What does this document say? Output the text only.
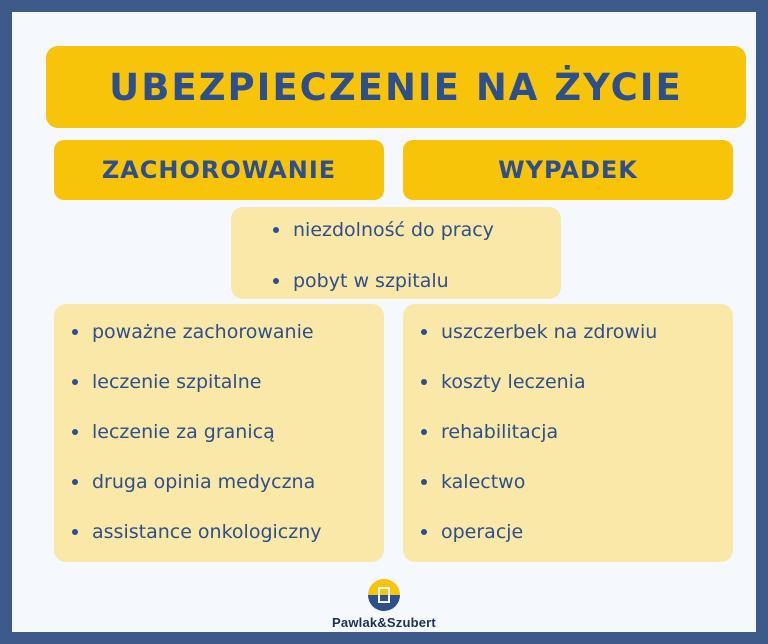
UBEZPIECZENIE NA ŻYCIE
ZACHOROWANIE	WYPADEK
niezdolność do pracy
pobyt w szpitalu
poważne zachorowanie
leczenie szpitalne
leczenie za granicą
druga opinia medyczna
assistance onkologiczny
uszczerbek na zdrowiu
koszty leczenia
rehabilitacja
kalectwo
operacje
Pawlak&Szubert
